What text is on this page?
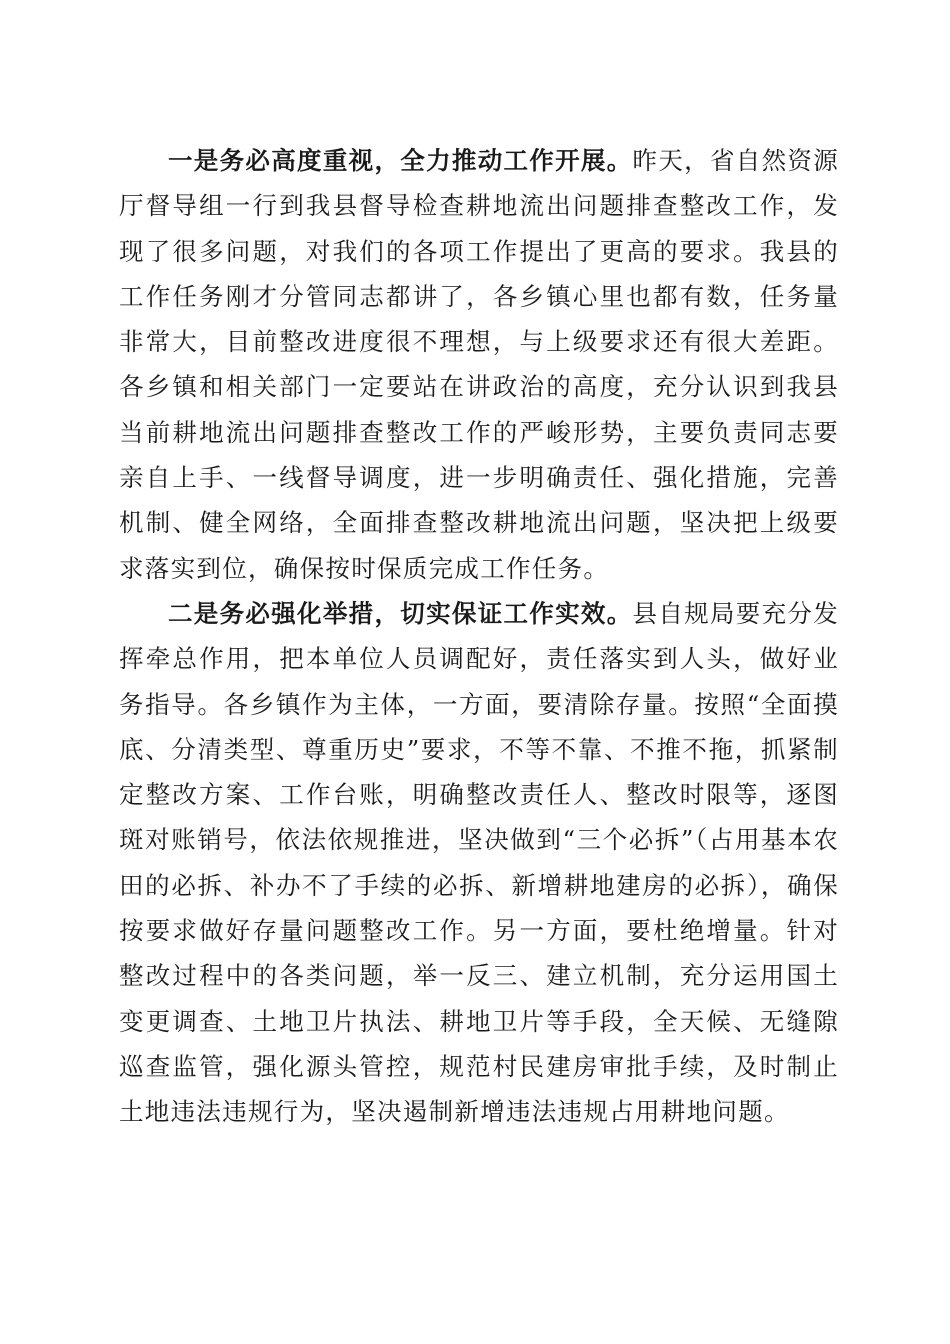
一是务必高度重视，全力推动工作开展。昨天，省自然资源厅督导组一行到我县督导检查耕地流出问题排查整改工作，发现了很多问题，对我们的各项工作提出了更高的要求。我县的工作任务刚才分管同志都讲了，各乡镇心里也都有数，任务量非常大，目前整改进度很不理想，与上级要求还有很大差距。各乡镇和相关部门一定要站在讲政治的高度，充分认识到我县当前耕地流出问题排查整改工作的严峻形势，主要负责同志要亲自上手、一线督导调度，进一步明确责任、强化措施，完善机制、健全网络，全面排查整改耕地流出问题，坚决把上级要求落实到位，确保按时保质完成工作任务。

二是务必强化举措，切实保证工作实效。县自规局要充分发挥牵总作用，把本单位人员调配好，责任落实到人头，做好业务指导。各乡镇作为主体，一方面，要清除存量。按照“全面摸底、分清类型、尊重历史”要求，不等不靠、不推不拖，抓紧制定整改方案、工作台账，明确整改责任人、整改时限等，逐图斑对账销号，依法依规推进，坚决做到“三个必拆”（占用基本农田的必拆、补办不了手续的必拆、新增耕地建房的必拆），确保按要求做好存量问题整改工作。另一方面，要杜绝增量。针对整改过程中的各类问题，举一反三、建立机制，充分运用国土变更调查、土地卫片执法、耕地卫片等手段，全天候、无缝隙巡查监管，强化源头管控，规范村民建房审批手续，及时制止土地违法违规行为，坚决遏制新增违法违规占用耕地问题。
